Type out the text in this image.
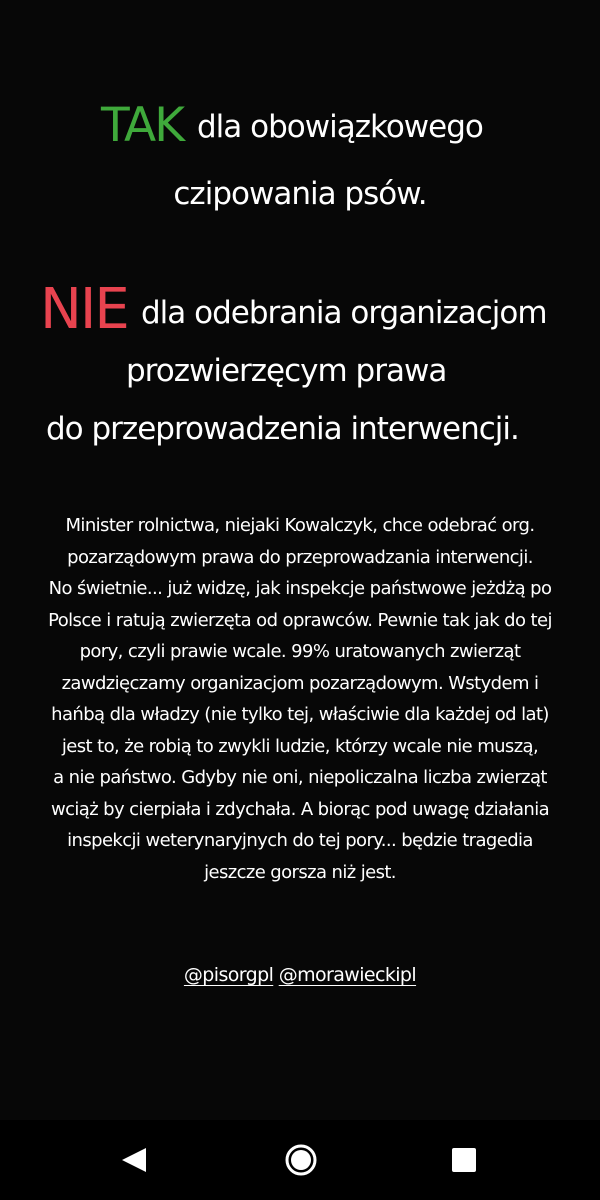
TAK dla obowiązkowego
czipowania psów.
NIE dla odebrania organizacjom
prozwierzęcym prawa
do przeprowadzenia interwencji.
Minister rolnictwa, niejaki Kowalczyk, chce odebrać org.
pozarządowym prawa do przeprowadzania interwencji.
No świetnie... już widzę, jak inspekcje państwowe jeżdżą po
Polsce i ratują zwierzęta od oprawców. Pewnie tak jak do tej
pory, czyli prawie wcale. 99% uratowanych zwierząt
zawdzięczamy organizacjom pozarządowym. Wstydem i
hańbą dla władzy (nie tylko tej, właściwie dla każdej od lat)
jest to, że robią to zwykli ludzie, którzy wcale nie muszą,
a nie państwo. Gdyby nie oni, niepoliczalna liczba zwierząt
wciąż by cierpiała i zdychała. A biorąc pod uwagę działania
inspekcji weterynaryjnych do tej pory... będzie tragedia
jeszcze gorsza niż jest.
@pisorgpl @morawieckipl
